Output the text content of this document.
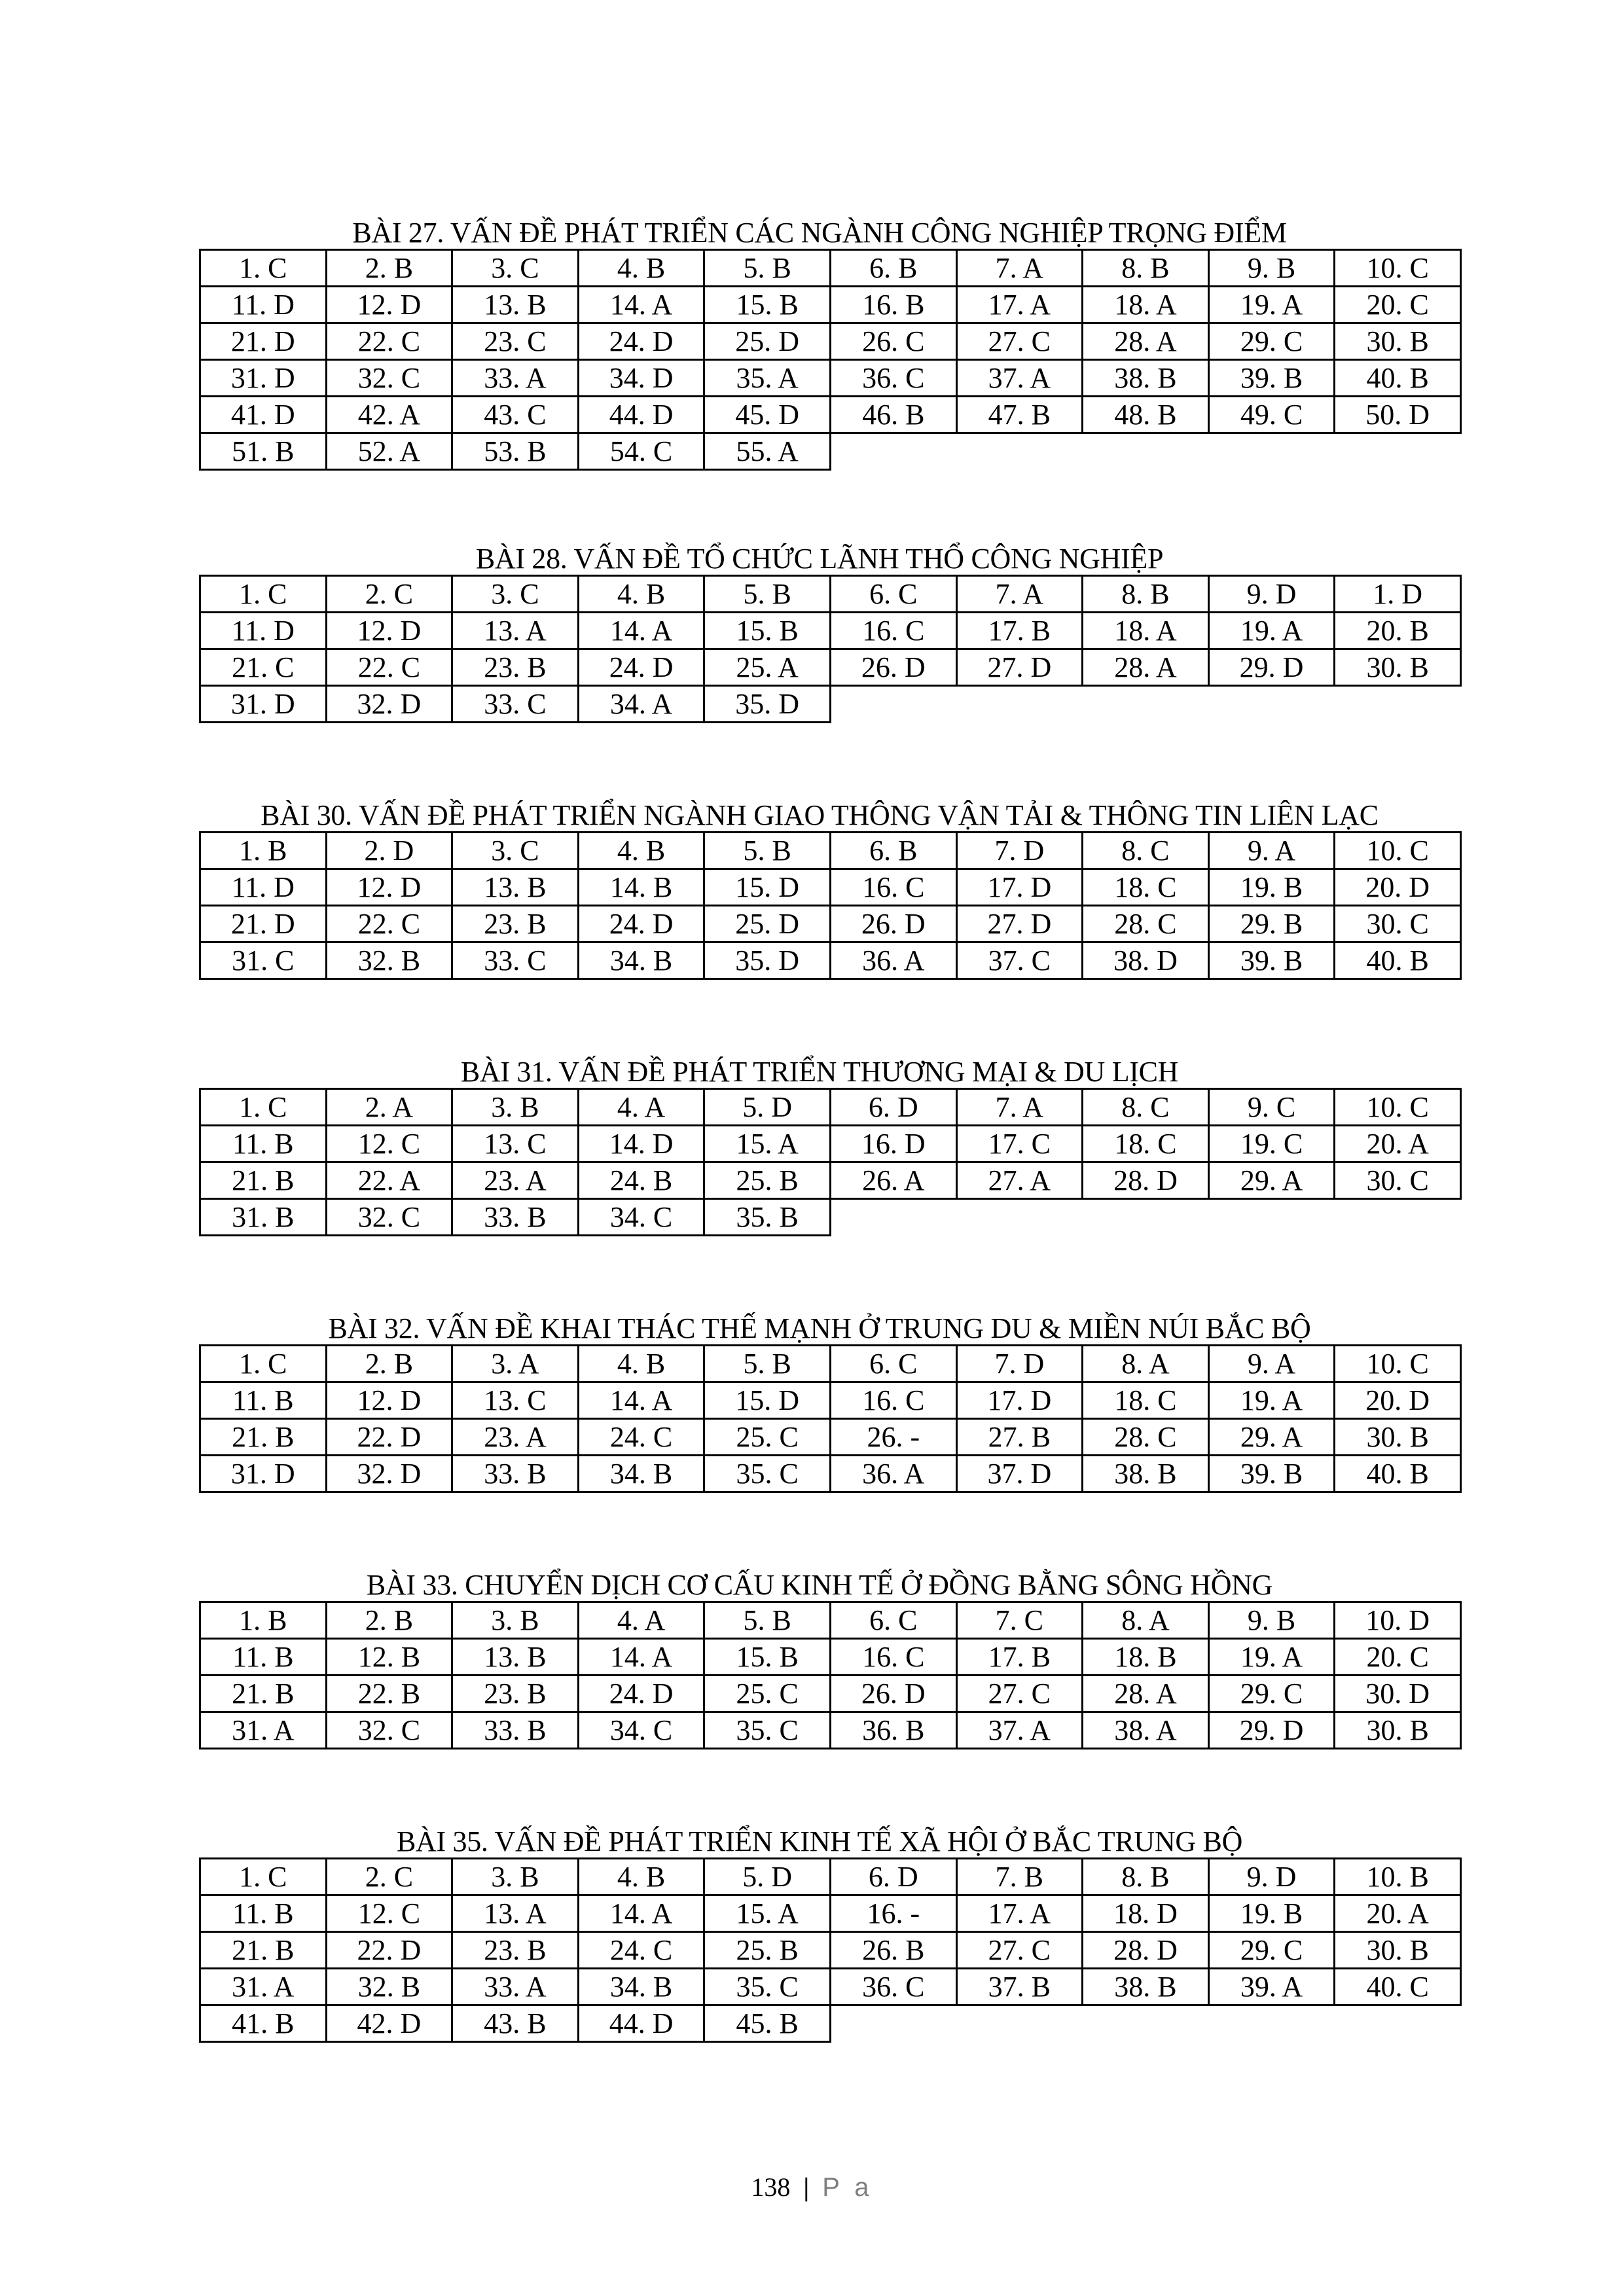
BÀI 27. VẤN ĐỀ PHÁT TRIỂN CÁC NGÀNH CÔNG NGHIỆP TRỌNG ĐIỂM
1. C	2. B	3. C	4. B	5. B	6. B	7. A	8. B	9. B	10. C
11. D	12. D	13. B	14. A	15. B	16. B	17. A	18. A	19. A	20. C
21. D	22. C	23. C	24. D	25. D	26. C	27. C	28. A	29. C	30. B
31. D	32. C	33. A	34. D	35. A	36. C	37. A	38. B	39. B	40. B
41. D	42. A	43. C	44. D	45. D	46. B	47. B	48. B	49. C	50. D
51. B	52. A	53. B	54. C	55. A					
BÀI 28. VẤN ĐỀ TỔ CHỨC LÃNH THỔ CÔNG NGHIỆP
1. C	2. C	3. C	4. B	5. B	6. C	7. A	8. B	9. D	1. D
11. D	12. D	13. A	14. A	15. B	16. C	17. B	18. A	19. A	20. B
21. C	22. C	23. B	24. D	25. A	26. D	27. D	28. A	29. D	30. B
31. D	32. D	33. C	34. A	35. D					
BÀI 30. VẤN ĐỀ PHÁT TRIỂN NGÀNH GIAO THÔNG VẬN TẢI & THÔNG TIN LIÊN LẠC
1. B	2. D	3. C	4. B	5. B	6. B	7. D	8. C	9. A	10. C
11. D	12. D	13. B	14. B	15. D	16. C	17. D	18. C	19. B	20. D
21. D	22. C	23. B	24. D	25. D	26. D	27. D	28. C	29. B	30. C
31. C	32. B	33. C	34. B	35. D	36. A	37. C	38. D	39. B	40. B
BÀI 31. VẤN ĐỀ PHÁT TRIỂN THƯƠNG MẠI & DU LỊCH
1. C	2. A	3. B	4. A	5. D	6. D	7. A	8. C	9. C	10. C
11. B	12. C	13. C	14. D	15. A	16. D	17. C	18. C	19. C	20. A
21. B	22. A	23. A	24. B	25. B	26. A	27. A	28. D	29. A	30. C
31. B	32. C	33. B	34. C	35. B					
BÀI 32. VẤN ĐỀ KHAI THÁC THẾ MẠNH Ở TRUNG DU & MIỀN NÚI BẮC BỘ
1. C	2. B	3. A	4. B	5. B	6. C	7. D	8. A	9. A	10. C
11. B	12. D	13. C	14. A	15. D	16. C	17. D	18. C	19. A	20. D
21. B	22. D	23. A	24. C	25. C	26. -	27. B	28. C	29. A	30. B
31. D	32. D	33. B	34. B	35. C	36. A	37. D	38. B	39. B	40. B
BÀI 33. CHUYỂN DỊCH CƠ CẤU KINH TẾ Ở ĐỒNG BẰNG SÔNG HỒNG
1. B	2. B	3. B	4. A	5. B	6. C	7. C	8. A	9. B	10. D
11. B	12. B	13. B	14. A	15. B	16. C	17. B	18. B	19. A	20. C
21. B	22. B	23. B	24. D	25. C	26. D	27. C	28. A	29. C	30. D
31. A	32. C	33. B	34. C	35. C	36. B	37. A	38. A	29. D	30. B
BÀI 35. VẤN ĐỀ PHÁT TRIỂN KINH TẾ XÃ HỘI Ở BẮC TRUNG BỘ
1. C	2. C	3. B	4. B	5. D	6. D	7. B	8. B	9. D	10. B
11. B	12. C	13. A	14. A	15. A	16. -	17. A	18. D	19. B	20. A
21. B	22. D	23. B	24. C	25. B	26. B	27. C	28. D	29. C	30. B
31. A	32. B	33. A	34. B	35. C	36. C	37. B	38. B	39. A	40. C
41. B	42. D	43. B	44. D	45. B					
138 | P a
